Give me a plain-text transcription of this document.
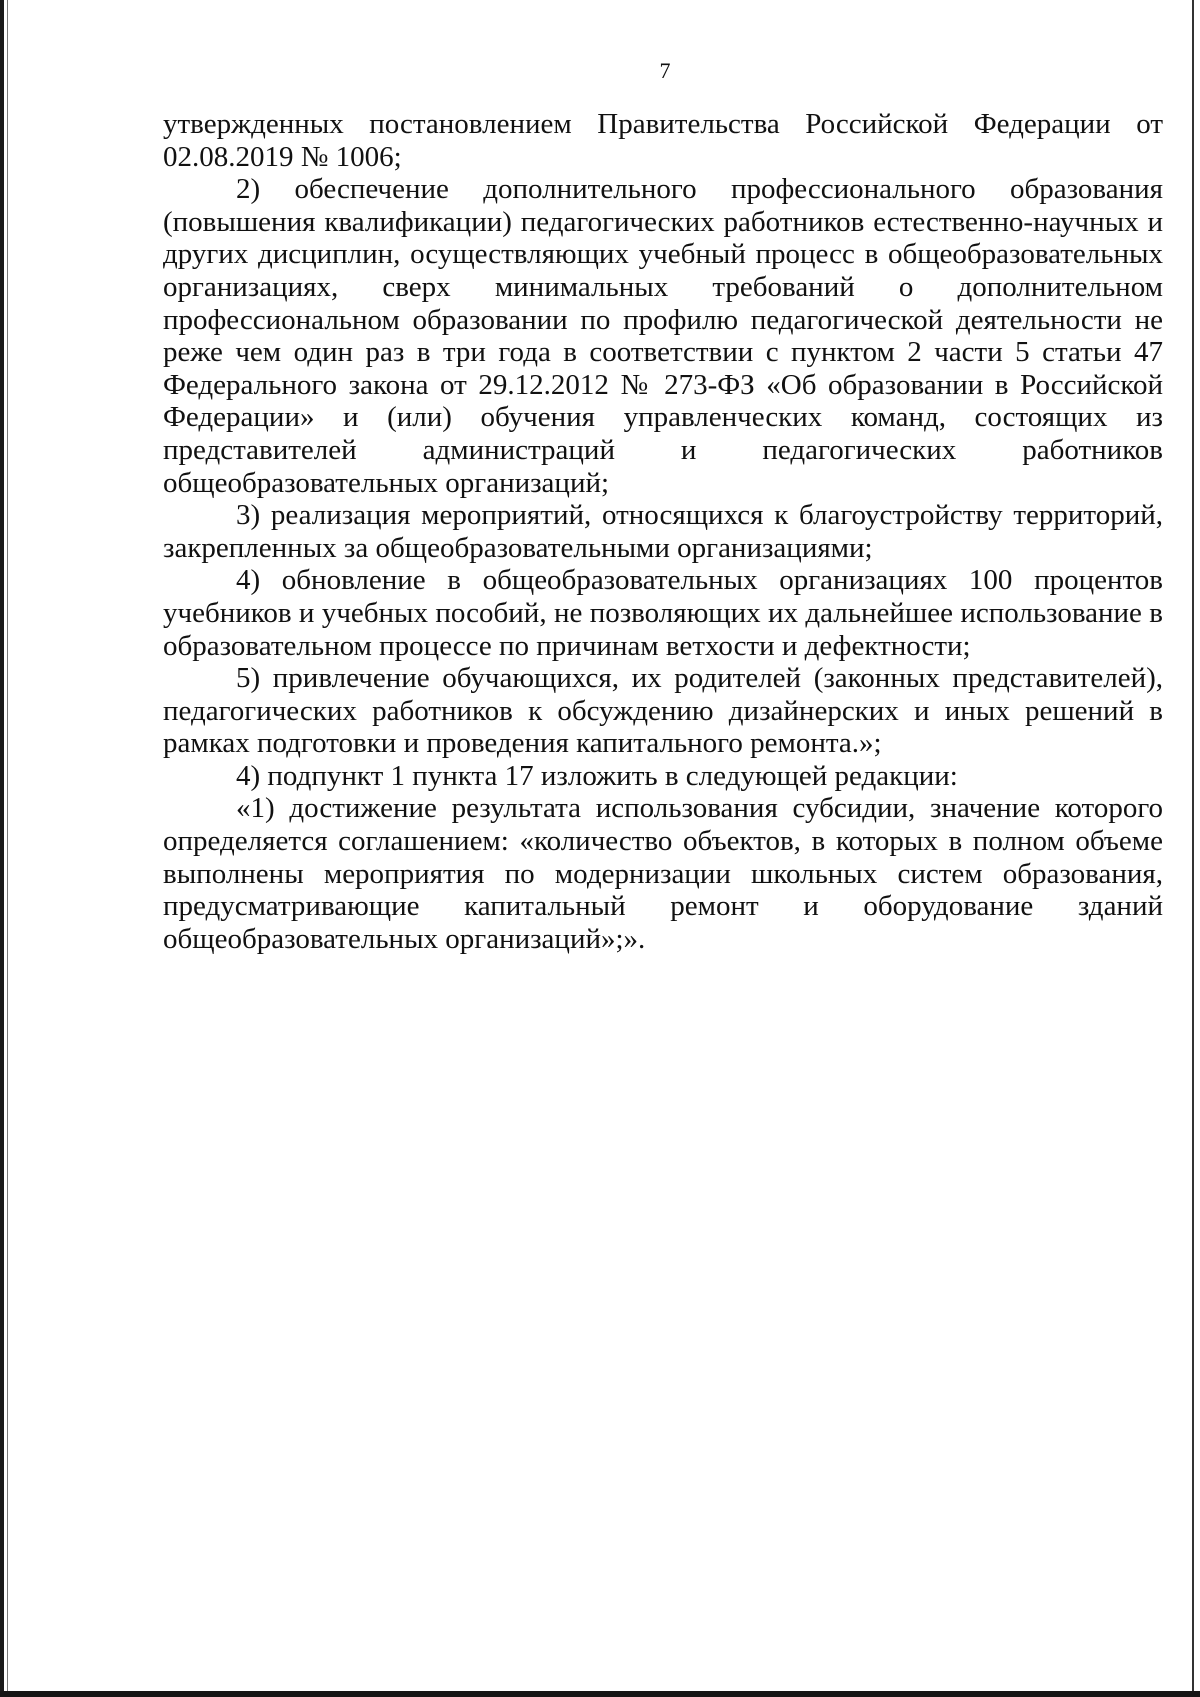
7

утвержденных постановлением Правительства Российской Федерации от 02.08.2019 № 1006;

2) обеспечение дополнительного профессионального образования (повышения квалификации) педагогических работников естественно-научных и других дисциплин, осуществляющих учебный процесс в общеобразовательных организациях, сверх минимальных требований о дополнительном профессиональном образовании по профилю педагогической деятельности не реже чем один раз в три года в соответствии с пунктом 2 части 5 статьи 47 Федерального закона от 29.12.2012 № 273-ФЗ «Об образовании в Российской Федерации» и (или) обучения управленческих команд, состоящих из представителей администраций и педагогических работников общеобразовательных организаций;

3) реализация мероприятий, относящихся к благоустройству территорий, закрепленных за общеобразовательными организациями;

4) обновление в общеобразовательных организациях 100 процентов учебников и учебных пособий, не позволяющих их дальнейшее использование в образовательном процессе по причинам ветхости и дефектности;

5) привлечение обучающихся, их родителей (законных представителей), педагогических работников к обсуждению дизайнерских и иных решений в рамках подготовки и проведения капитального ремонта.»;

4) подпункт 1 пункта 17 изложить в следующей редакции:

«1) достижение результата использования субсидии, значение которого определяется соглашением: «количество объектов, в которых в полном объеме выполнены мероприятия по модернизации школьных систем образования, предусматривающие капитальный ремонт и оборудование зданий общеобразовательных организаций»;».
